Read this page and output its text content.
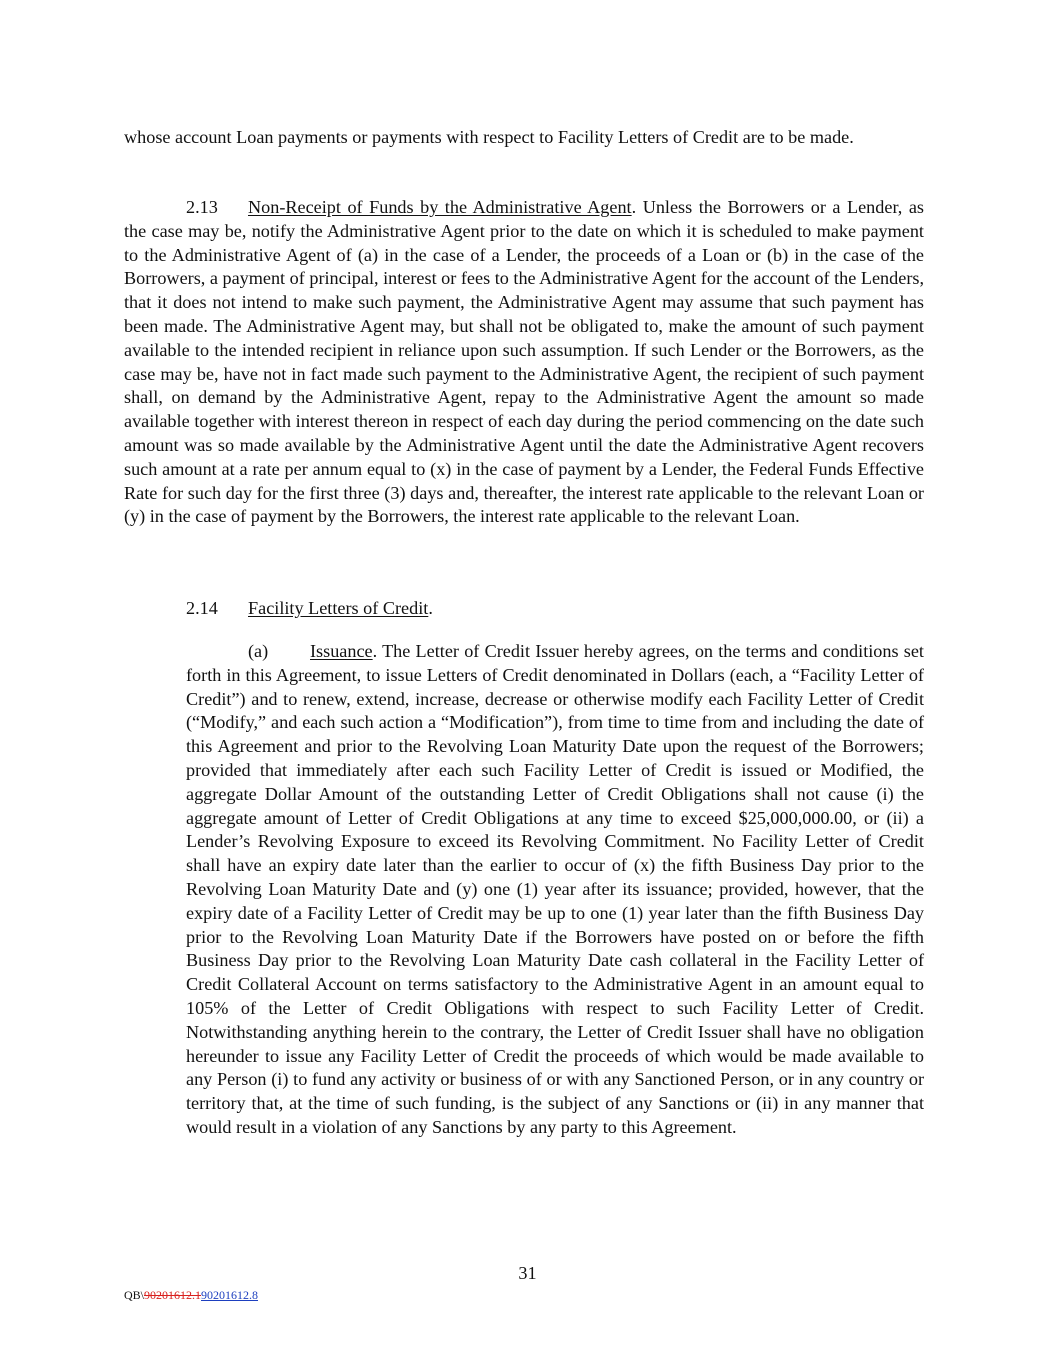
whose account Loan payments or payments with respect to Facility Letters of Credit are to be made.

2.13 Non-Receipt of Funds by the Administrative Agent. Unless the Borrowers or a Lender, as the case may be, notify the Administrative Agent prior to the date on which it is scheduled to make payment to the Administrative Agent of (a) in the case of a Lender, the proceeds of a Loan or (b) in the case of the Borrowers, a payment of principal, interest or fees to the Administrative Agent for the account of the Lenders, that it does not intend to make such payment, the Administrative Agent may assume that such payment has been made. The Administrative Agent may, but shall not be obligated to, make the amount of such payment available to the intended recipient in reliance upon such assumption. If such Lender or the Borrowers, as the case may be, have not in fact made such payment to the Administrative Agent, the recipient of such payment shall, on demand by the Administrative Agent, repay to the Administrative Agent the amount so made available together with interest thereon in respect of each day during the period commencing on the date such amount was so made available by the Administrative Agent until the date the Administrative Agent recovers such amount at a rate per annum equal to (x) in the case of payment by a Lender, the Federal Funds Effective Rate for such day for the first three (3) days and, thereafter, the interest rate applicable to the relevant Loan or (y) in the case of payment by the Borrowers, the interest rate applicable to the relevant Loan.

2.14 Facility Letters of Credit.

(a) Issuance. The Letter of Credit Issuer hereby agrees, on the terms and conditions set forth in this Agreement, to issue Letters of Credit denominated in Dollars (each, a “Facility Letter of Credit”) and to renew, extend, increase, decrease or otherwise modify each Facility Letter of Credit (“Modify,” and each such action a “Modification”), from time to time from and including the date of this Agreement and prior to the Revolving Loan Maturity Date upon the request of the Borrowers; provided that immediately after each such Facility Letter of Credit is issued or Modified, the aggregate Dollar Amount of the outstanding Letter of Credit Obligations shall not cause (i) the aggregate amount of Letter of Credit Obligations at any time to exceed $25,000,000.00, or (ii) a Lender’s Revolving Exposure to exceed its Revolving Commitment. No Facility Letter of Credit shall have an expiry date later than the earlier to occur of (x) the fifth Business Day prior to the Revolving Loan Maturity Date and (y) one (1) year after its issuance; provided, however, that the expiry date of a Facility Letter of Credit may be up to one (1) year later than the fifth Business Day prior to the Revolving Loan Maturity Date if the Borrowers have posted on or before the fifth Business Day prior to the Revolving Loan Maturity Date cash collateral in the Facility Letter of Credit Collateral Account on terms satisfactory to the Administrative Agent in an amount equal to 105% of the Letter of Credit Obligations with respect to such Facility Letter of Credit. Notwithstanding anything herein to the contrary, the Letter of Credit Issuer shall have no obligation hereunder to issue any Facility Letter of Credit the proceeds of which would be made available to any Person (i) to fund any activity or business of or with any Sanctioned Person, or in any country or territory that, at the time of such funding, is the subject of any Sanctions or (ii) in any manner that would result in a violation of any Sanctions by any party to this Agreement.

31

QB\90201612.190201612.8
